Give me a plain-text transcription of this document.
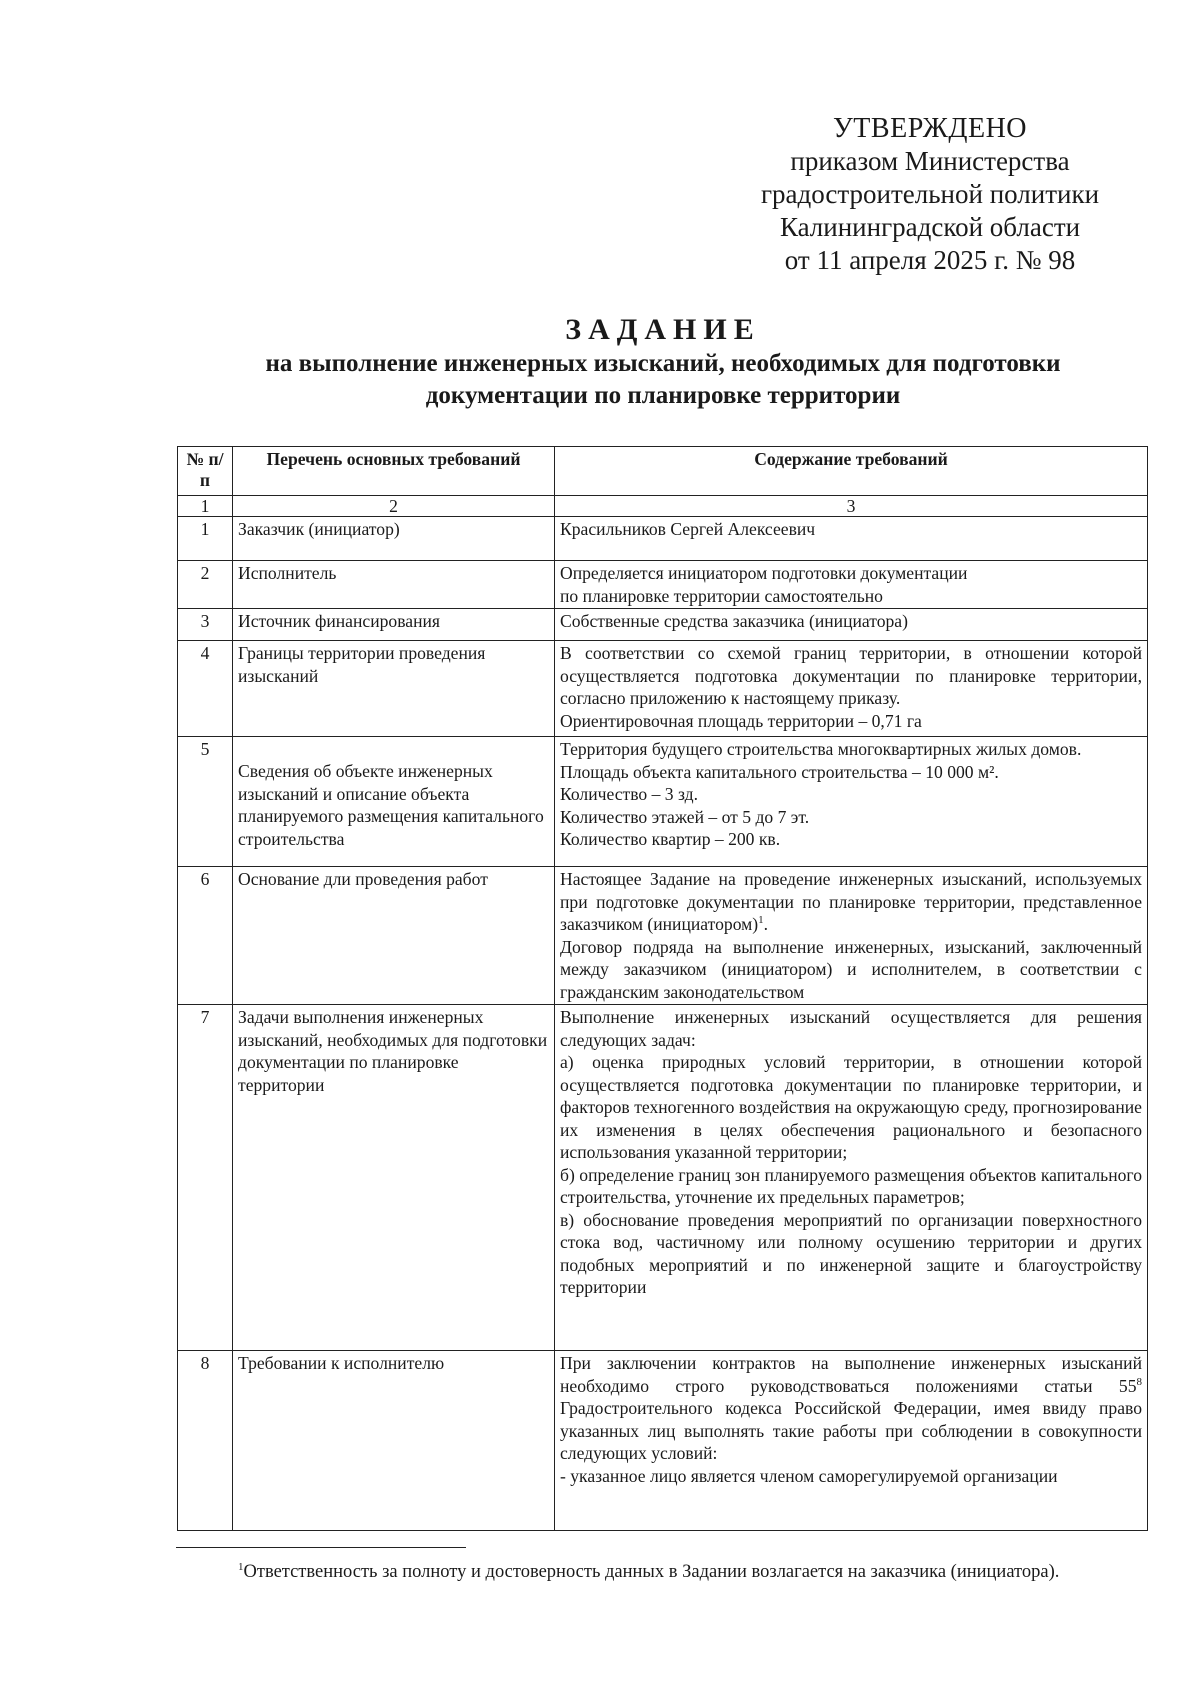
УТВЕРЖДЕНО
приказом Министерства
градостроительной политики
Калининградской области
от 11 апреля 2025 г. № 98
ЗАДАНИЕ
на выполнение инженерных изысканий, необходимых для подготовки
документации по планировке территории
№ п/п	Перечень основных требований	Содержание требований
1	2	3
1	Заказчик (инициатор)	Красильников Сергей Алексеевич

2	Исполнитель	Определяется инициатором подготовки документации
по планировке территории самостоятельно

3	Источник финансирования	Собственные средства заказчика (инициатора)

4	Границы территории проведения изысканий	В соответствии со схемой границ территории, в отношении которой осуществляется подготовка документации по планировке территории, согласно приложению к настоящему приказу.
Ориентировочная площадь территории – 0,71 га

5	Сведения об объекте инженерных изысканий и описание объекта планируемого размещения капитального строительства	Территория будущего строительства многоквартирных жилых домов.
Площадь объекта капитального строительства – 10 000 м².
Количество – 3 зд.
Количество этажей – от 5 до 7 эт.
Количество квартир – 200 кв.

6	Основание дли проведения работ	Настоящее Задание на проведение инженерных изысканий, используемых при подготовке документации по планировке территории, представленное заказчиком (инициатором)$^1$.
Договор подряда на выполнение инженерных, изысканий, заключенный между заказчиком (инициатором) и исполнителем, в соответствии с гражданским законодательством

7	Задачи выполнения инженерных изысканий, необходимых для подготовки документации по планировке территории	Выполнение инженерных изысканий осуществляется для решения следующих задач:
а) оценка природных условий территории, в отношении которой осуществляется подготовка документации по планировке территории, и факторов техногенного воздействия на окружающую среду, прогнозирование их изменения в целях обеспечения рационального и безопасного использования указанной территории;
б) определение границ зон планируемого размещения объектов капитального строительства, уточнение их предельных параметров;
в) обоснование проведения мероприятий по организации поверхностного стока вод, частичному или полному осушению территории и других подобных мероприятий и по инженерной защите и благоустройству территории

8	Требовании к исполнителю	При заключении контрактов на выполнение инженерных изысканий необходимо строго руководствоваться положениями статьи $55^8$ Градостроительного кодекса Российской Федерации, имея ввиду право указанных лиц выполнять такие работы при соблюдении в совокупности следующих условий:
- указанное лицо является членом саморегулируемой организации
$^1$Ответственность за полноту и достоверность данных в Задании возлагается на заказчика (инициатора).
